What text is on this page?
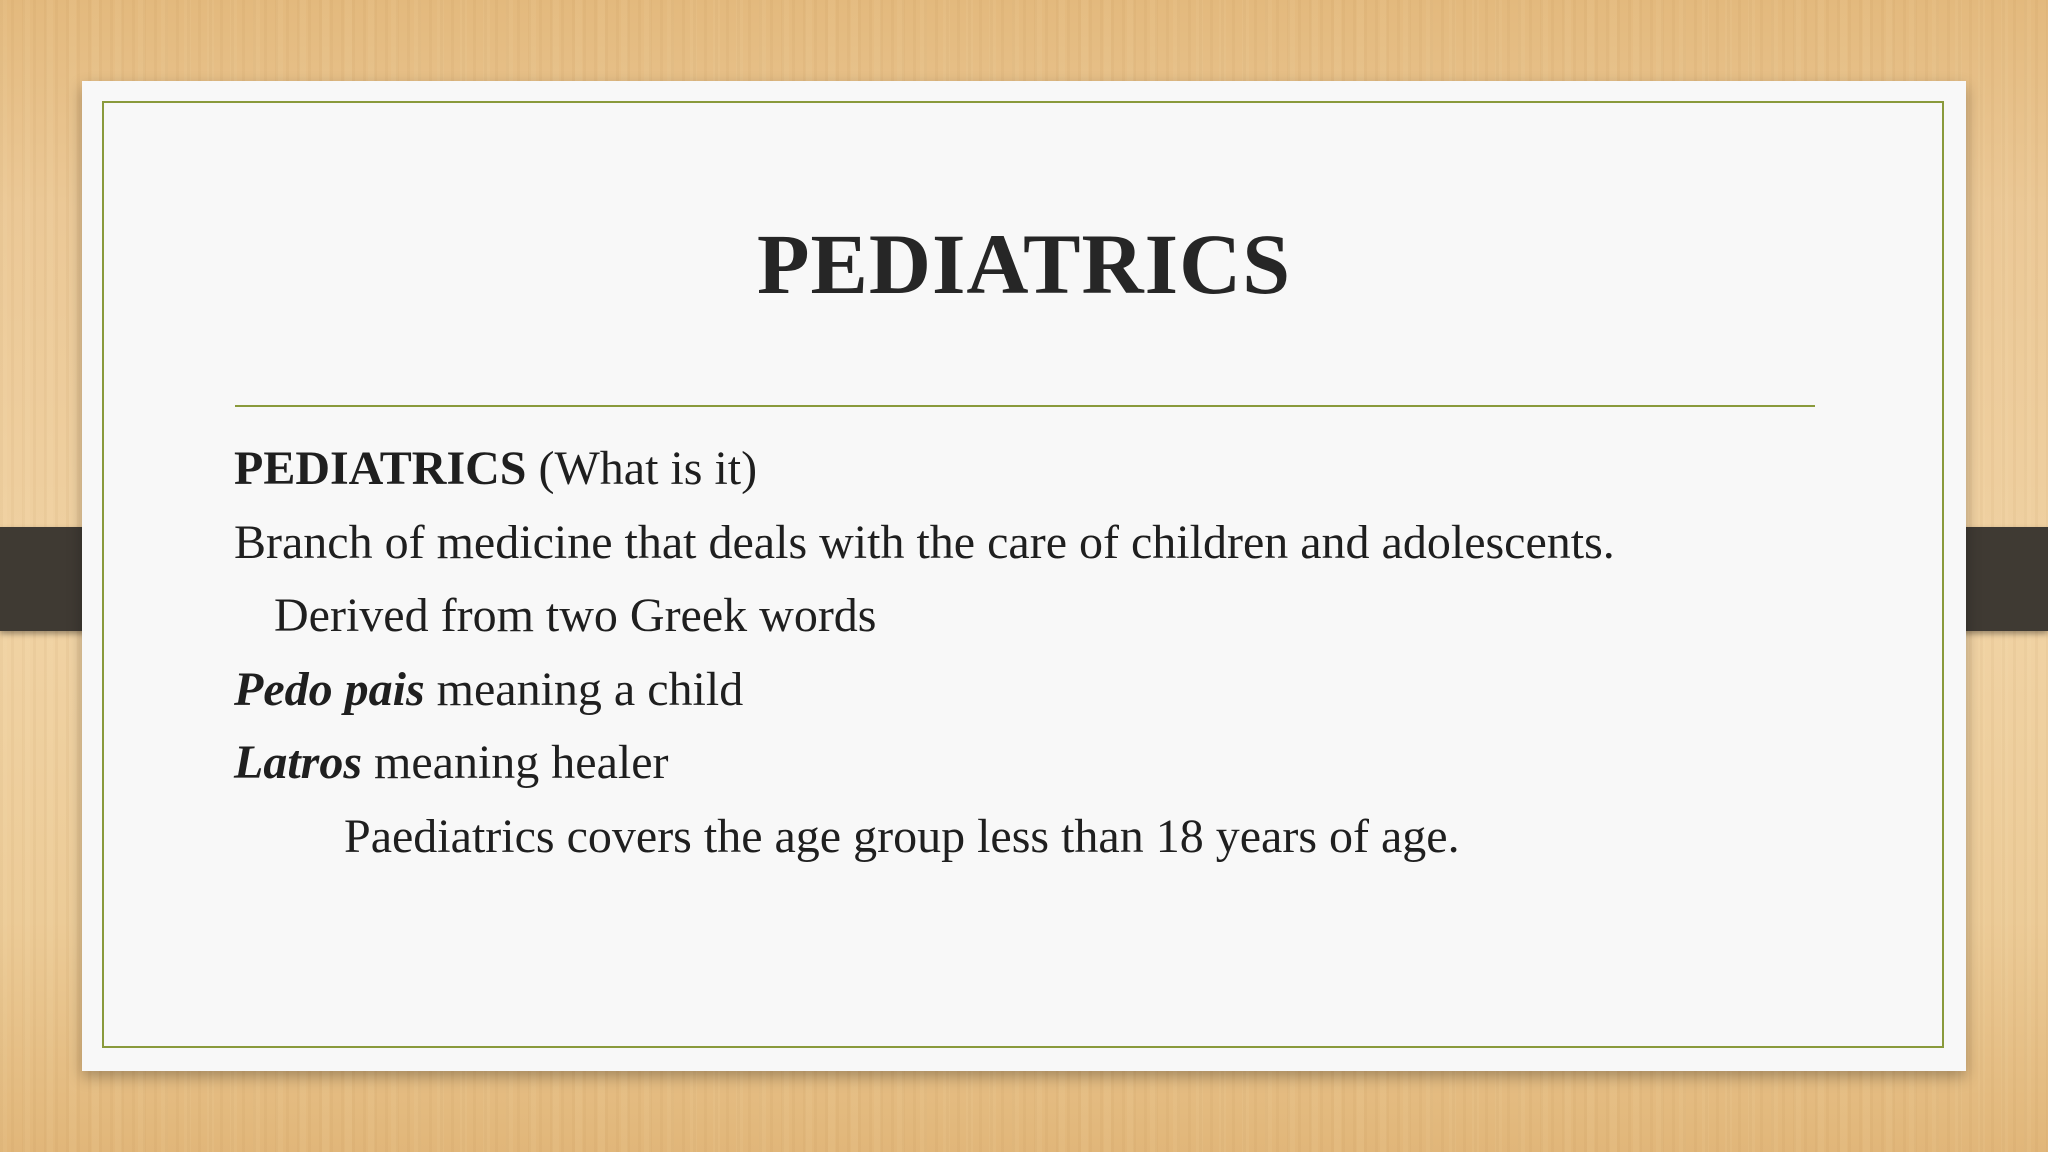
PEDIATRICS
PEDIATRICS (What is it)
Branch of medicine that deals with the care of children and adolescents.
Derived from two Greek words
Pedo pais meaning a child
Latros meaning healer
Paediatrics covers the age group less than 18 years of age.
